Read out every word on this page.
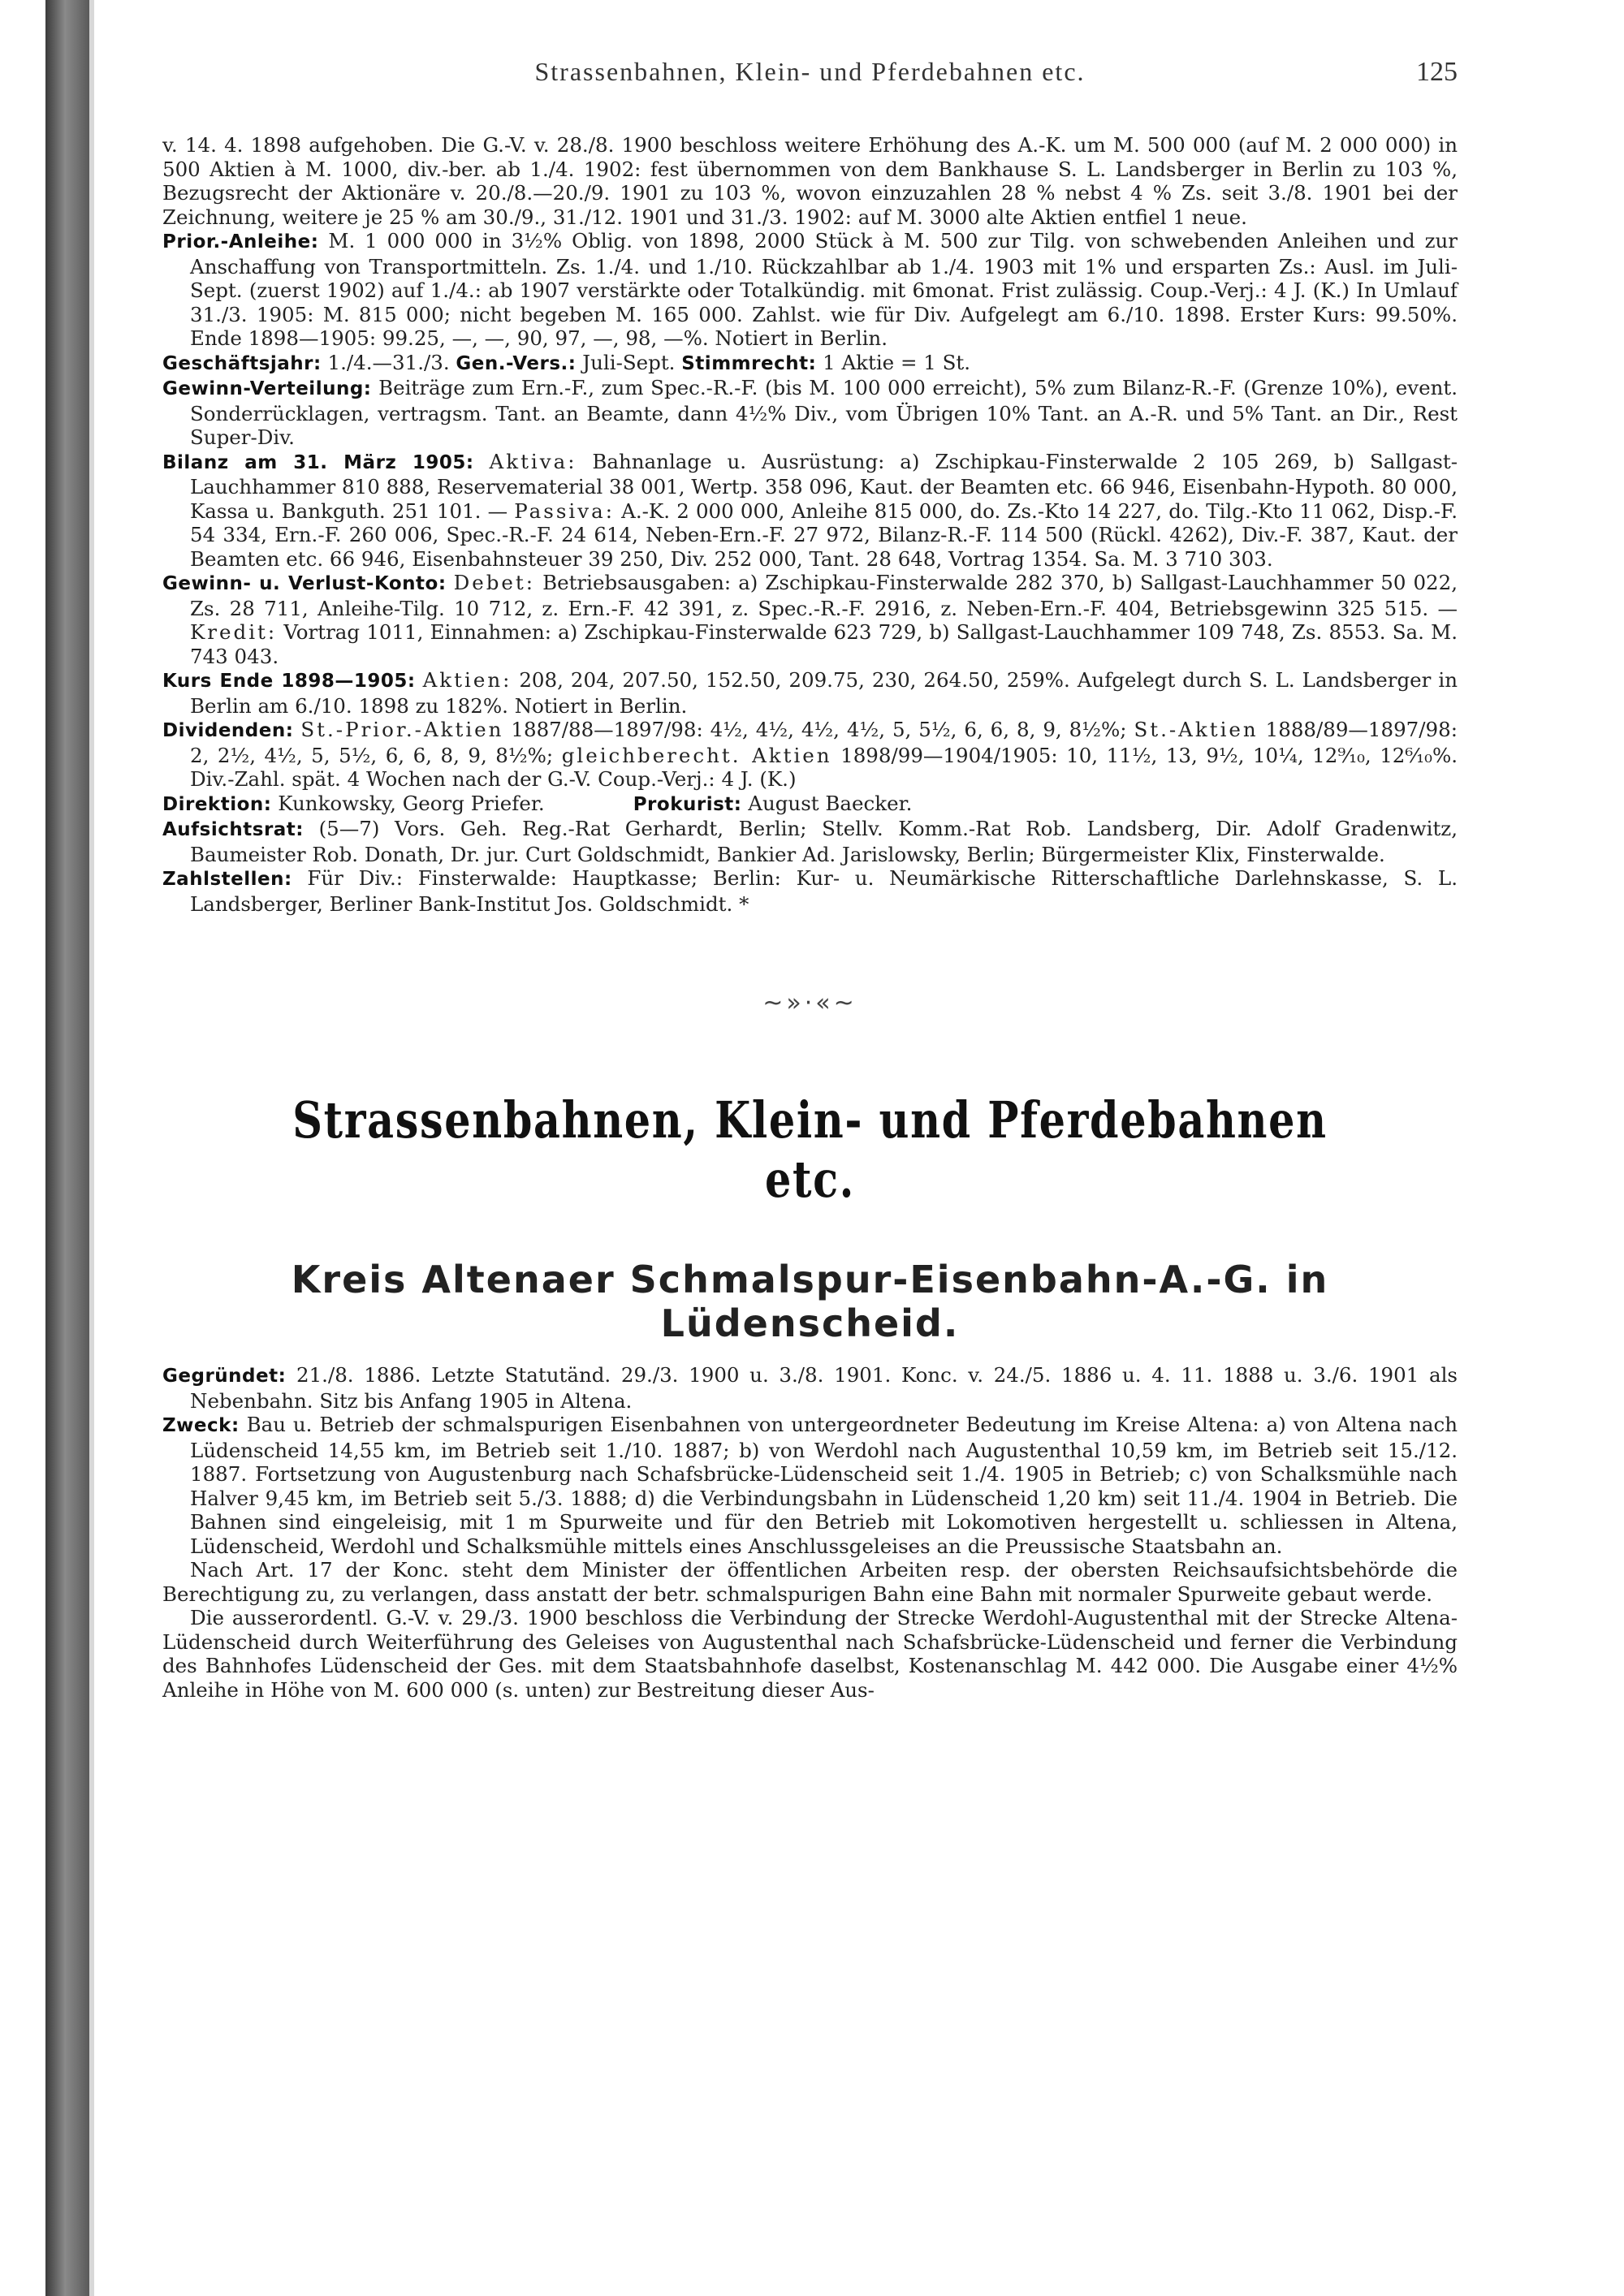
Strassenbahnen, Klein- und Pferdebahnen etc.	125

v. 14. 4. 1898 aufgehoben. Die G.-V. v. 28./8. 1900 beschloss weitere Erhöhung des A.-K. um M. 500 000 (auf M. 2 000 000) in 500 Aktien à M. 1000, div.-ber. ab 1./4. 1902: fest übernommen von dem Bankhause S. L. Landsberger in Berlin zu 103 %, Bezugsrecht der Aktionäre v. 20./8.—20./9. 1901 zu 103 %, wovon einzuzahlen 28 % nebst 4 % Zs. seit 3./8. 1901 bei der Zeichnung, weitere je 25 % am 30./9., 31./12. 1901 und 31./3. 1902: auf M. 3000 alte Aktien entfiel 1 neue.

Prior.-Anleihe: M. 1 000 000 in 3½% Oblig. von 1898, 2000 Stück à M. 500 zur Tilg. von schwebenden Anleihen und zur Anschaffung von Transportmitteln. Zs. 1./4. und 1./10. Rückzahlbar ab 1./4. 1903 mit 1% und ersparten Zs.: Ausl. im Juli-Sept. (zuerst 1902) auf 1./4.: ab 1907 verstärkte oder Totalkündig. mit 6monat. Frist zulässig. Coup.-Verj.: 4 J. (K.) In Umlauf 31./3. 1905: M. 815 000; nicht begeben M. 165 000. Zahlst. wie für Div. Aufgelegt am 6./10. 1898. Erster Kurs: 99.50%. Ende 1898—1905: 99.25, —, —, 90, 97, —, 98, —%. Notiert in Berlin.

Geschäftsjahr: 1./4.—31./3. Gen.-Vers.: Juli-Sept. Stimmrecht: 1 Aktie = 1 St.

Gewinn-Verteilung: Beiträge zum Ern.-F., zum Spec.-R.-F. (bis M. 100 000 erreicht), 5% zum Bilanz-R.-F. (Grenze 10%), event. Sonderrücklagen, vertragsm. Tant. an Beamte, dann 4½% Div., vom Übrigen 10% Tant. an A.-R. und 5% Tant. an Dir., Rest Super-Div.

Bilanz am 31. März 1905: Aktiva: Bahnanlage u. Ausrüstung: a) Zschipkau-Finsterwalde 2 105 269, b) Sallgast-Lauchhammer 810 888, Reservematerial 38 001, Wertp. 358 096, Kaut. der Beamten etc. 66 946, Eisenbahn-Hypoth. 80 000, Kassa u. Bankguth. 251 101. — Passiva: A.-K. 2 000 000, Anleihe 815 000, do. Zs.-Kto 14 227, do. Tilg.-Kto 11 062, Disp.-F. 54 334, Ern.-F. 260 006, Spec.-R.-F. 24 614, Neben-Ern.-F. 27 972, Bilanz-R.-F. 114 500 (Rückl. 4262), Div.-F. 387, Kaut. der Beamten etc. 66 946, Eisenbahnsteuer 39 250, Div. 252 000, Tant. 28 648, Vortrag 1354. Sa. M. 3 710 303.

Gewinn- u. Verlust-Konto: Debet: Betriebsausgaben: a) Zschipkau-Finsterwalde 282 370, b) Sallgast-Lauchhammer 50 022, Zs. 28 711, Anleihe-Tilg. 10 712, z. Ern.-F. 42 391, z. Spec.-R.-F. 2916, z. Neben-Ern.-F. 404, Betriebsgewinn 325 515. — Kredit: Vortrag 1011, Einnahmen: a) Zschipkau-Finsterwalde 623 729, b) Sallgast-Lauchhammer 109 748, Zs. 8553. Sa. M. 743 043.

Kurs Ende 1898—1905: Aktien: 208, 204, 207.50, 152.50, 209.75, 230, 264.50, 259%. Aufgelegt durch S. L. Landsberger in Berlin am 6./10. 1898 zu 182%. Notiert in Berlin.

Dividenden: St.-Prior.-Aktien 1887/88—1897/98: 4½, 4½, 4½, 4½, 5, 5½, 6, 6, 8, 9, 8½%; St.-Aktien 1888/89—1897/98: 2, 2½, 4½, 5, 5½, 6, 6, 8, 9, 8½%; gleichberecht. Aktien 1898/99—1904/1905: 10, 11½, 13, 9½, 10¼, 12⁹⁄₁₀, 12⁶⁄₁₀%. Div.-Zahl. spät. 4 Wochen nach der G.-V. Coup.-Verj.: 4 J. (K.)

Direktion: Kunkowsky, Georg Priefer.	Prokurist: August Baecker.

Aufsichtsrat: (5—7) Vors. Geh. Reg.-Rat Gerhardt, Berlin; Stellv. Komm.-Rat Rob. Landsberg, Dir. Adolf Gradenwitz, Baumeister Rob. Donath, Dr. jur. Curt Goldschmidt, Bankier Ad. Jarislowsky, Berlin; Bürgermeister Klix, Finsterwalde.

Zahlstellen: Für Div.: Finsterwalde: Hauptkasse; Berlin: Kur- u. Neumärkische Ritterschaftliche Darlehnskasse, S. L. Landsberger, Berliner Bank-Institut Jos. Goldschmidt. *

~»·«~
Strassenbahnen, Klein- und Pferdebahnen etc.
Kreis Altenaer Schmalspur-Eisenbahn-A.-G. in Lüdenscheid.

Gegründet: 21./8. 1886. Letzte Statutänd. 29./3. 1900 u. 3./8. 1901. Konc. v. 24./5. 1886 u. 4. 11. 1888 u. 3./6. 1901 als Nebenbahn. Sitz bis Anfang 1905 in Altena.

Zweck: Bau u. Betrieb der schmalspurigen Eisenbahnen von untergeordneter Bedeutung im Kreise Altena: a) von Altena nach Lüdenscheid 14,55 km, im Betrieb seit 1./10. 1887; b) von Werdohl nach Augustenthal 10,59 km, im Betrieb seit 15./12. 1887. Fortsetzung von Augustenburg nach Schafsbrücke-Lüdenscheid seit 1./4. 1905 in Betrieb; c) von Schalksmühle nach Halver 9,45 km, im Betrieb seit 5./3. 1888; d) die Verbindungsbahn in Lüdenscheid 1,20 km) seit 11./4. 1904 in Betrieb. Die Bahnen sind eingeleisig, mit 1 m Spurweite und für den Betrieb mit Lokomotiven hergestellt u. schliessen in Altena, Lüdenscheid, Werdohl und Schalksmühle mittels eines Anschlussgeleises an die Preussische Staatsbahn an.

Nach Art. 17 der Konc. steht dem Minister der öffentlichen Arbeiten resp. der obersten Reichsaufsichtsbehörde die Berechtigung zu, zu verlangen, dass anstatt der betr. schmalspurigen Bahn eine Bahn mit normaler Spurweite gebaut werde.

Die ausserordentl. G.-V. v. 29./3. 1900 beschloss die Verbindung der Strecke Werdohl-Augustenthal mit der Strecke Altena-Lüdenscheid durch Weiterführung des Geleises von Augustenthal nach Schafsbrücke-Lüdenscheid und ferner die Verbindung des Bahnhofes Lüdenscheid der Ges. mit dem Staatsbahnhofe daselbst, Kostenanschlag M. 442 000. Die Ausgabe einer 4½% Anleihe in Höhe von M. 600 000 (s. unten) zur Bestreitung dieser Aus-
